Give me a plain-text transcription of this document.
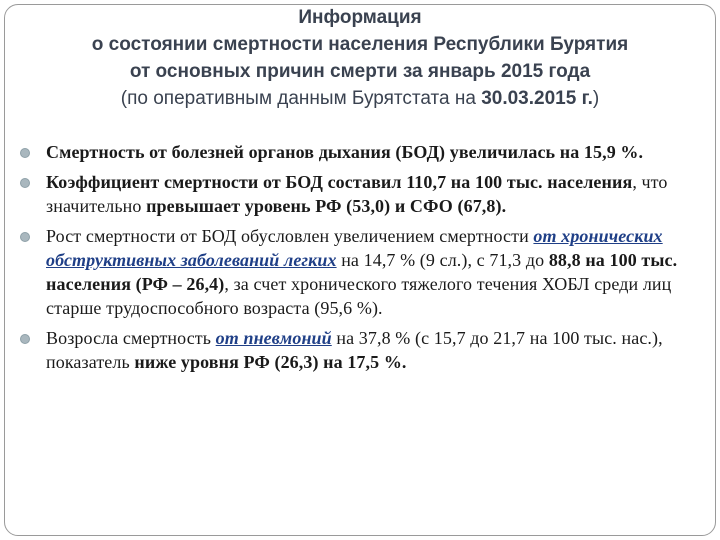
Информация
о состоянии смертности населения Республики Бурятия
от основных причин смерти за январь 2015 года
(по оперативным данным Бурятстата на 30.03.2015 г.)
Смертность от болезней органов дыхания (БОД) увеличилась на 15,9 %.
Коэффициент смертности от БОД составил 110,7 на 100 тыс. населения, что значительно превышает уровень РФ (53,0) и СФО (67,8).
Рост смертности от БОД обусловлен увеличением смертности от хронических обструктивных заболеваний легких на 14,7 % (9 сл.), с 71,3 до 88,8 на 100 тыс. населения (РФ – 26,4), за счет хронического тяжелого течения ХОБЛ среди лиц старше трудоспособного возраста (95,6 %).
Возросла смертность от пневмоний на 37,8 % (с 15,7 до 21,7 на 100 тыс. нас.), показатель ниже уровня РФ (26,3) на 17,5 %.
